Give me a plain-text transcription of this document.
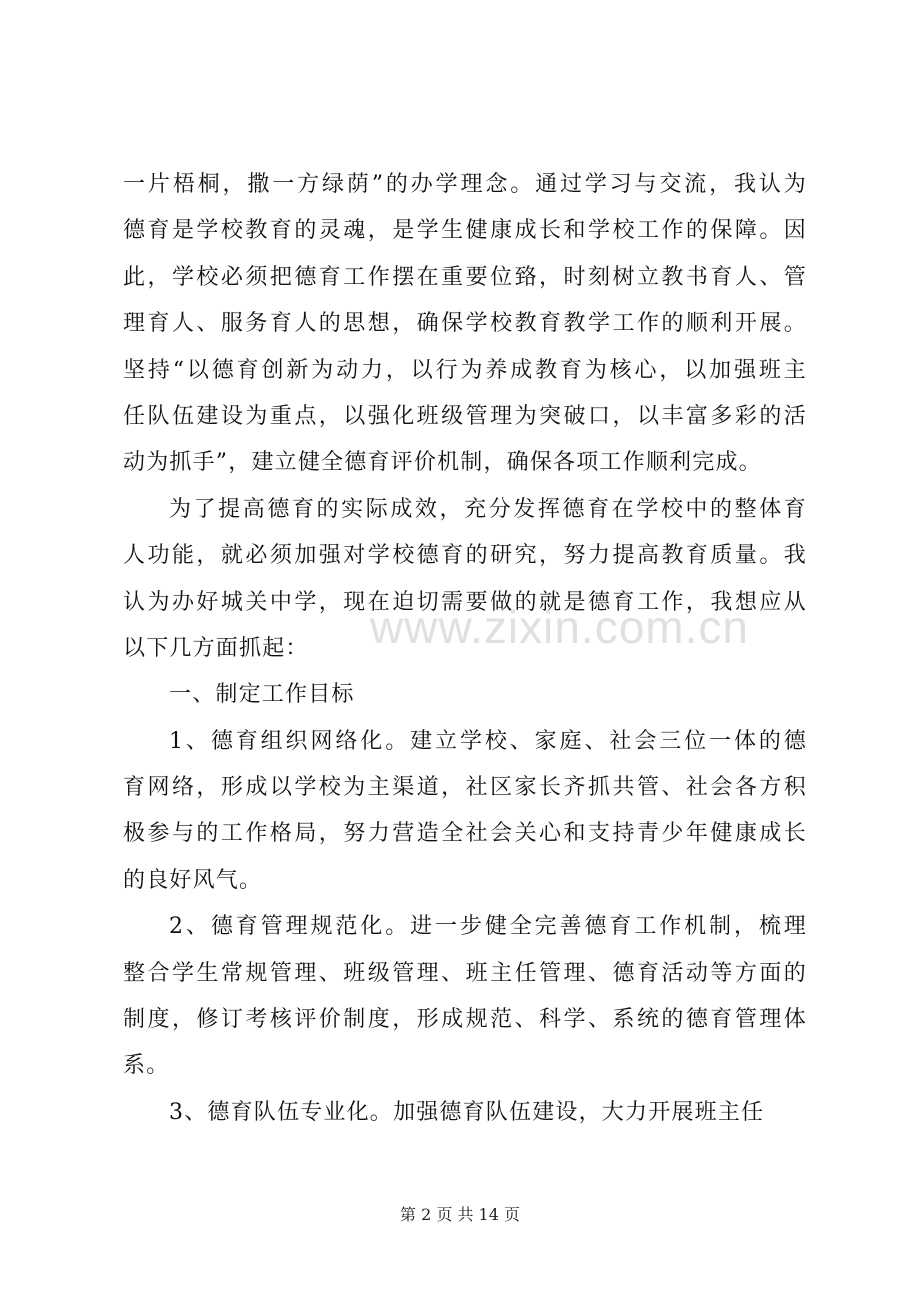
一片梧桐，撒一方绿荫”的办学理念。通过学习与交流，我认为
德育是学校教育的灵魂，是学生健康成长和学校工作的保障。因
此，学校必须把德育工作摆在重要位臵，时刻树立教书育人、管
理育人、服务育人的思想，确保学校教育教学工作的顺利开展。
坚持“以德育创新为动力，以行为养成教育为核心，以加强班主
任队伍建设为重点，以强化班级管理为突破口，以丰富多彩的活
动为抓手”，建立健全德育评价机制，确保各项工作顺利完成。
为了提高德育的实际成效，充分发挥德育在学校中的整体育
人功能，就必须加强对学校德育的研究，努力提高教育质量。我
认为办好城关中学，现在迫切需要做的就是德育工作，我想应从
以下几方面抓起：
一、制定工作目标
1、德育组织网络化。建立学校、家庭、社会三位一体的德
育网络，形成以学校为主渠道，社区家长齐抓共管、社会各方积
极参与的工作格局，努力营造全社会关心和支持青少年健康成长
的良好风气。
2、德育管理规范化。进一步健全完善德育工作机制，梳理
整合学生常规管理、班级管理、班主任管理、德育活动等方面的
制度，修订考核评价制度，形成规范、科学、系统的德育管理体
系。
3、德育队伍专业化。加强德育队伍建设，大力开展班主任
www.zixin.com.cn
第 2 页 共 14 页
